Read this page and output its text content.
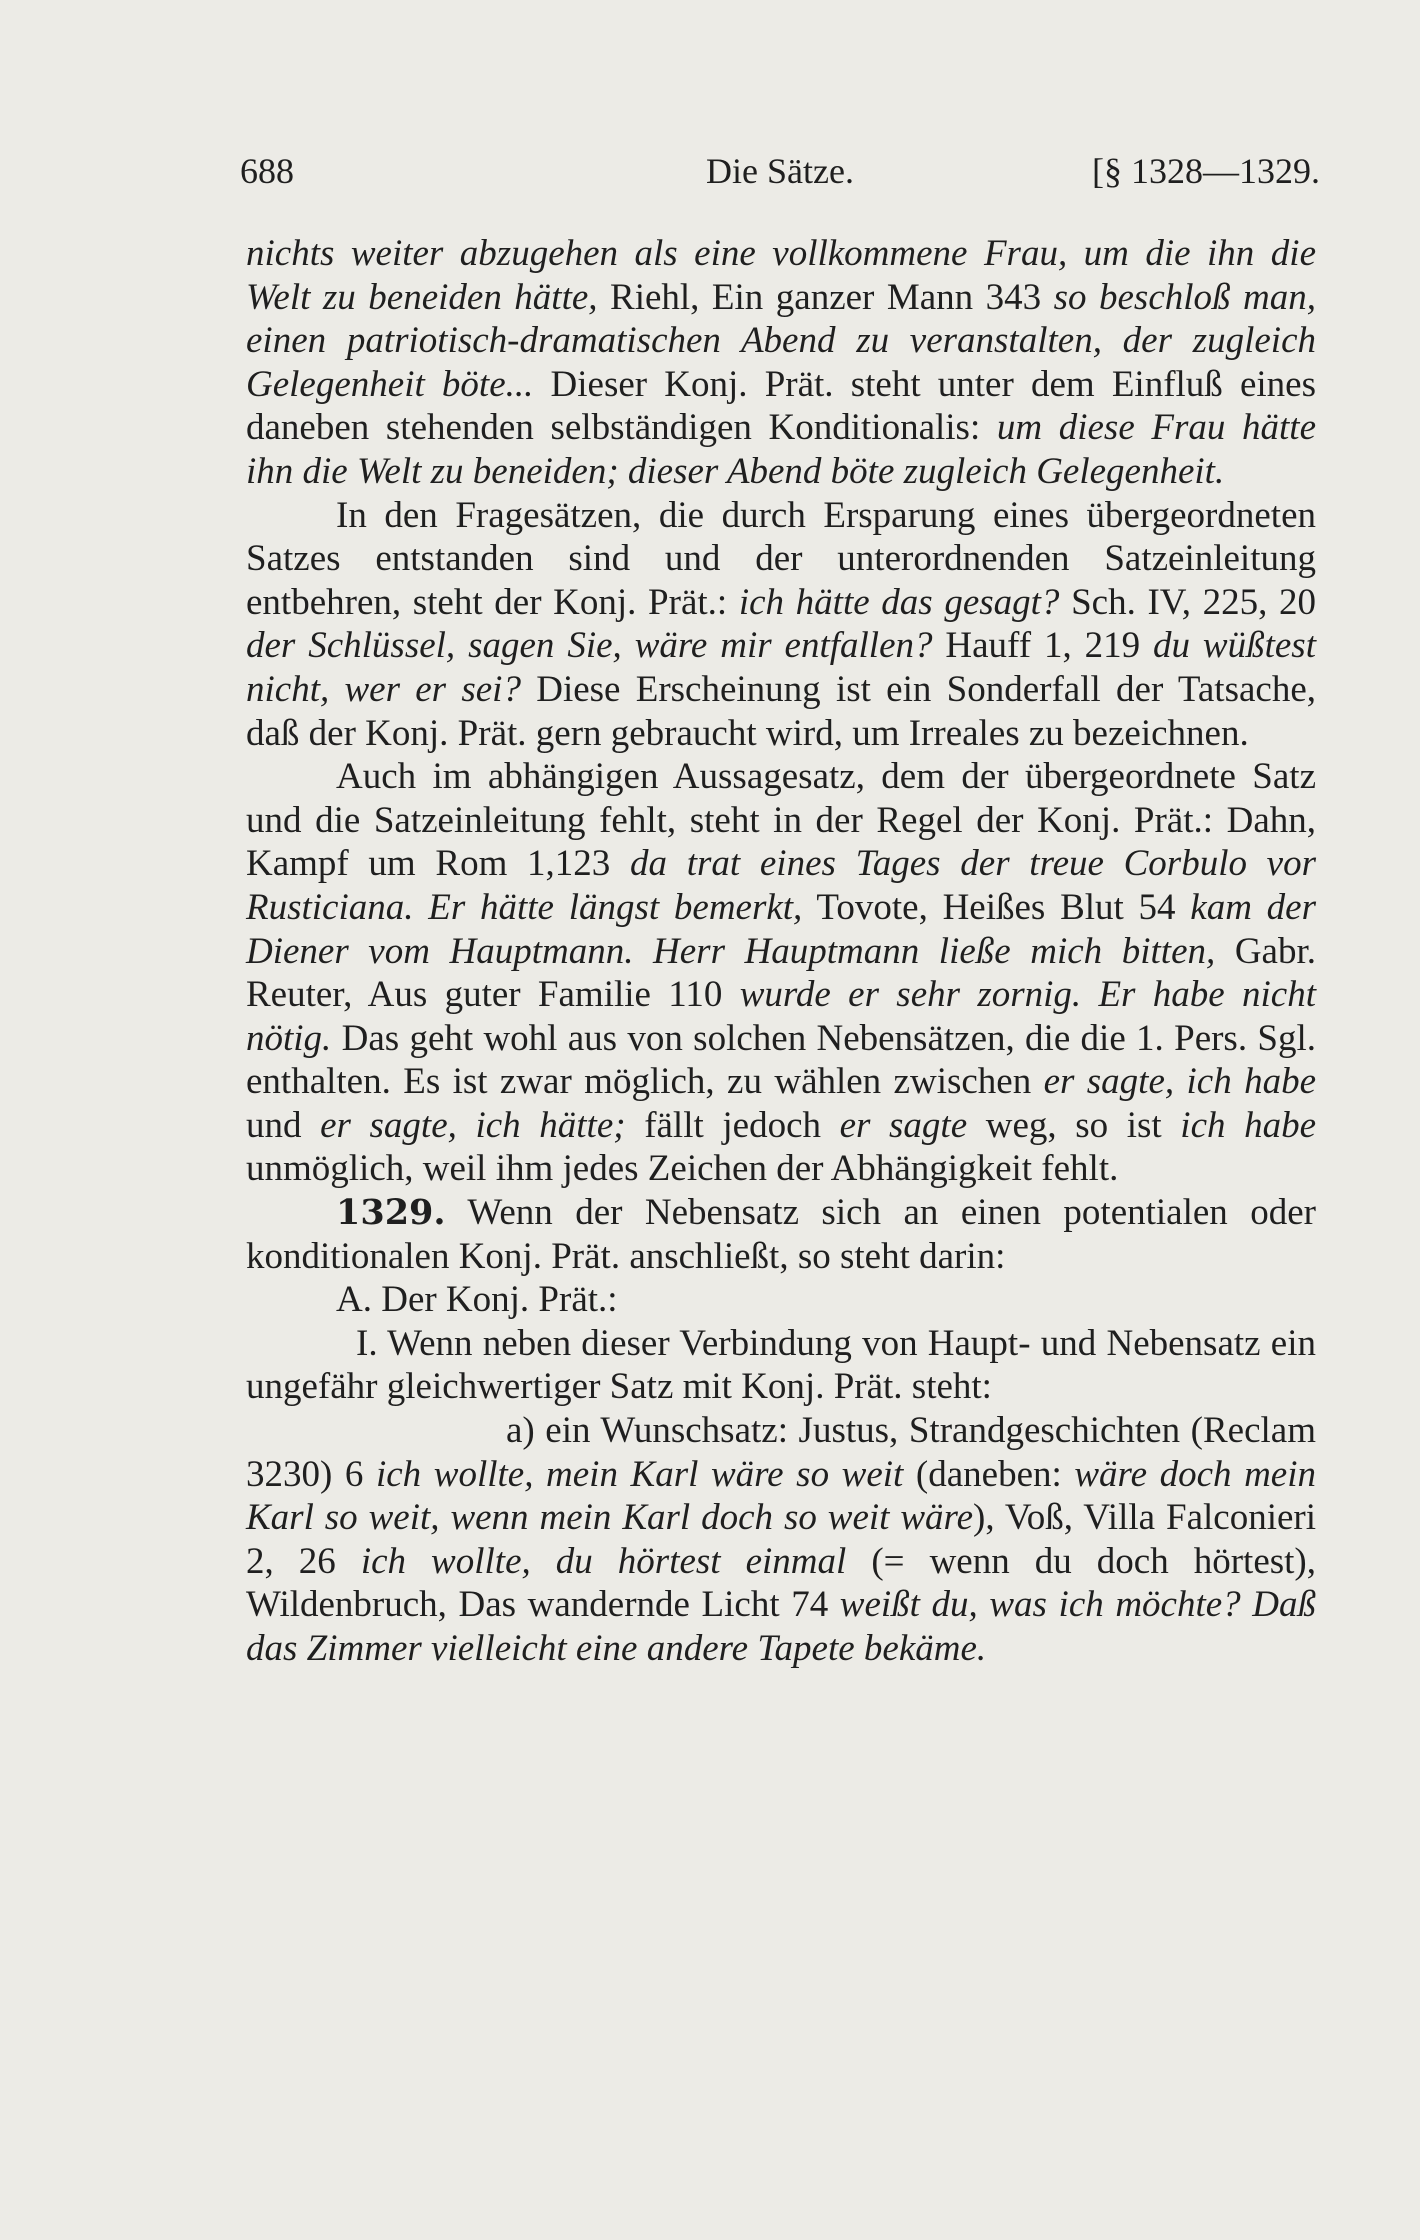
688	Die Sätze.	[§ 1328—1329.

nichts weiter abzugehen als eine vollkommene Frau, um die ihn die Welt zu beneiden hätte, Riehl, Ein ganzer Mann 343 so beschloß man, einen patriotisch-dramatischen Abend zu veranstalten, der zugleich Gelegenheit böte... Dieser Konj. Prät. steht unter dem Einfluß eines daneben stehenden selbständigen Konditionalis: um diese Frau hätte ihn die Welt zu beneiden; dieser Abend böte zugleich Gelegenheit.

In den Fragesätzen, die durch Ersparung eines übergeordneten Satzes entstanden sind und der unterordnenden Satzeinleitung entbehren, steht der Konj. Prät.: ich hätte das gesagt? Sch. IV, 225, 20 der Schlüssel, sagen Sie, wäre mir entfallen? Hauff 1, 219 du wüßtest nicht, wer er sei? Diese Erscheinung ist ein Sonderfall der Tatsache, daß der Konj. Prät. gern gebraucht wird, um Irreales zu bezeichnen.

Auch im abhängigen Aussagesatz, dem der übergeordnete Satz und die Satzeinleitung fehlt, steht in der Regel der Konj. Prät.: Dahn, Kampf um Rom 1,123 da trat eines Tages der treue Corbulo vor Rusticiana. Er hätte längst bemerkt, Tovote, Heißes Blut 54 kam der Diener vom Hauptmann. Herr Hauptmann ließe mich bitten, Gabr. Reuter, Aus guter Familie 110 wurde er sehr zornig. Er habe nicht nötig. Das geht wohl aus von solchen Nebensätzen, die die 1. Pers. Sgl. enthalten. Es ist zwar möglich, zu wählen zwischen er sagte, ich habe und er sagte, ich hätte; fällt jedoch er sagte weg, so ist ich habe unmöglich, weil ihm jedes Zeichen der Abhängigkeit fehlt.

1329. Wenn der Nebensatz sich an einen potentialen oder konditionalen Konj. Prät. anschließt, so steht darin:

A. Der Konj. Prät.:

I. Wenn neben dieser Verbindung von Haupt- und Nebensatz ein ungefähr gleichwertiger Satz mit Konj. Prät. steht:

a) ein Wunschsatz: Justus, Strandgeschichten (Reclam 3230) 6 ich wollte, mein Karl wäre so weit (daneben: wäre doch mein Karl so weit, wenn mein Karl doch so weit wäre), Voß, Villa Falconieri 2, 26 ich wollte, du hörtest einmal (= wenn du doch hörtest), Wildenbruch, Das wandernde Licht 74 weißt du, was ich möchte? Daß das Zimmer vielleicht eine andere Tapete bekäme.
